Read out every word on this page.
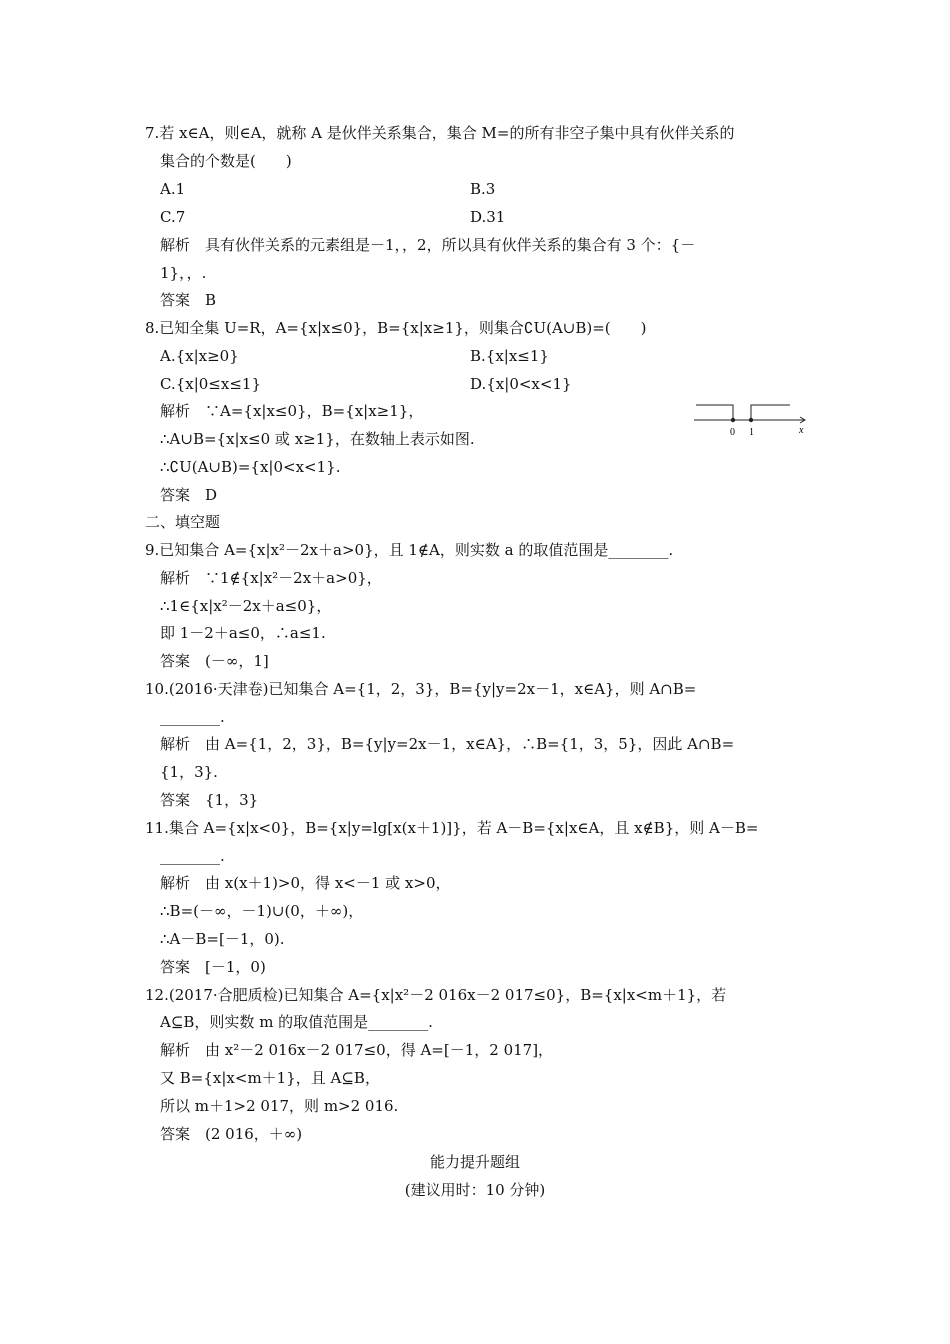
7.若 x∈A，则∈A，就称 A 是伙伴关系集合，集合 M=的所有非空子集中具有伙伴关系的
集合的个数是(　　)
A.1	B.3
C.7	D.31
解析　具有伙伴关系的元素组是－1，，2，所以具有伙伴关系的集合有 3 个：{－
1}，，.
答案　B
8.已知全集 U=R，A={x|x≤0}，B={x|x≥1}，则集合∁U(A∪B)=(　　)
A.{x|x≥0}	B.{x|x≤1}
C.{x|0≤x≤1}	D.{x|0<x<1}
解析　∵A={x|x≤0}，B={x|x≥1}，
∴A∪B={x|x≤0 或 x≥1}，在数轴上表示如图.
∴∁U(A∪B)={x|0<x<1}.
答案　D
0 1	x
二、填空题
9.已知集合 A={x|x²－2x＋a>0}，且 1∉A，则实数 a 的取值范围是________.
解析　∵1∉{x|x²－2x＋a>0}，
∴1∈{x|x²－2x＋a≤0}，
即 1－2＋a≤0，∴a≤1.
答案　(－∞，1]
10.(2016·天津卷)已知集合 A={1，2，3}，B={y|y=2x－1，x∈A}，则 A∩B=
________.
解析　由 A={1，2，3}，B={y|y=2x－1，x∈A}，∴B={1，3，5}，因此 A∩B=
{1，3}.
答案　{1，3}
11.集合 A={x|x<0}，B={x|y=lg[x(x＋1)]}，若 A－B={x|x∈A，且 x∉B}，则 A－B=
________.
解析　由 x(x＋1)>0，得 x<－1 或 x>0，
∴B=(－∞，－1)∪(0，＋∞)，
∴A－B=[－1，0).
答案　[－1，0)
12.(2017·合肥质检)已知集合 A={x|x²－2 016x－2 017≤0}，B={x|x<m＋1}，若
A⊆B，则实数 m 的取值范围是________.
解析　由 x²－2 016x－2 017≤0，得 A=[－1，2 017]，
又 B={x|x<m＋1}，且 A⊆B，
所以 m＋1>2 017，则 m>2 016.
答案　(2 016，＋∞)
能力提升题组
(建议用时：10 分钟)
